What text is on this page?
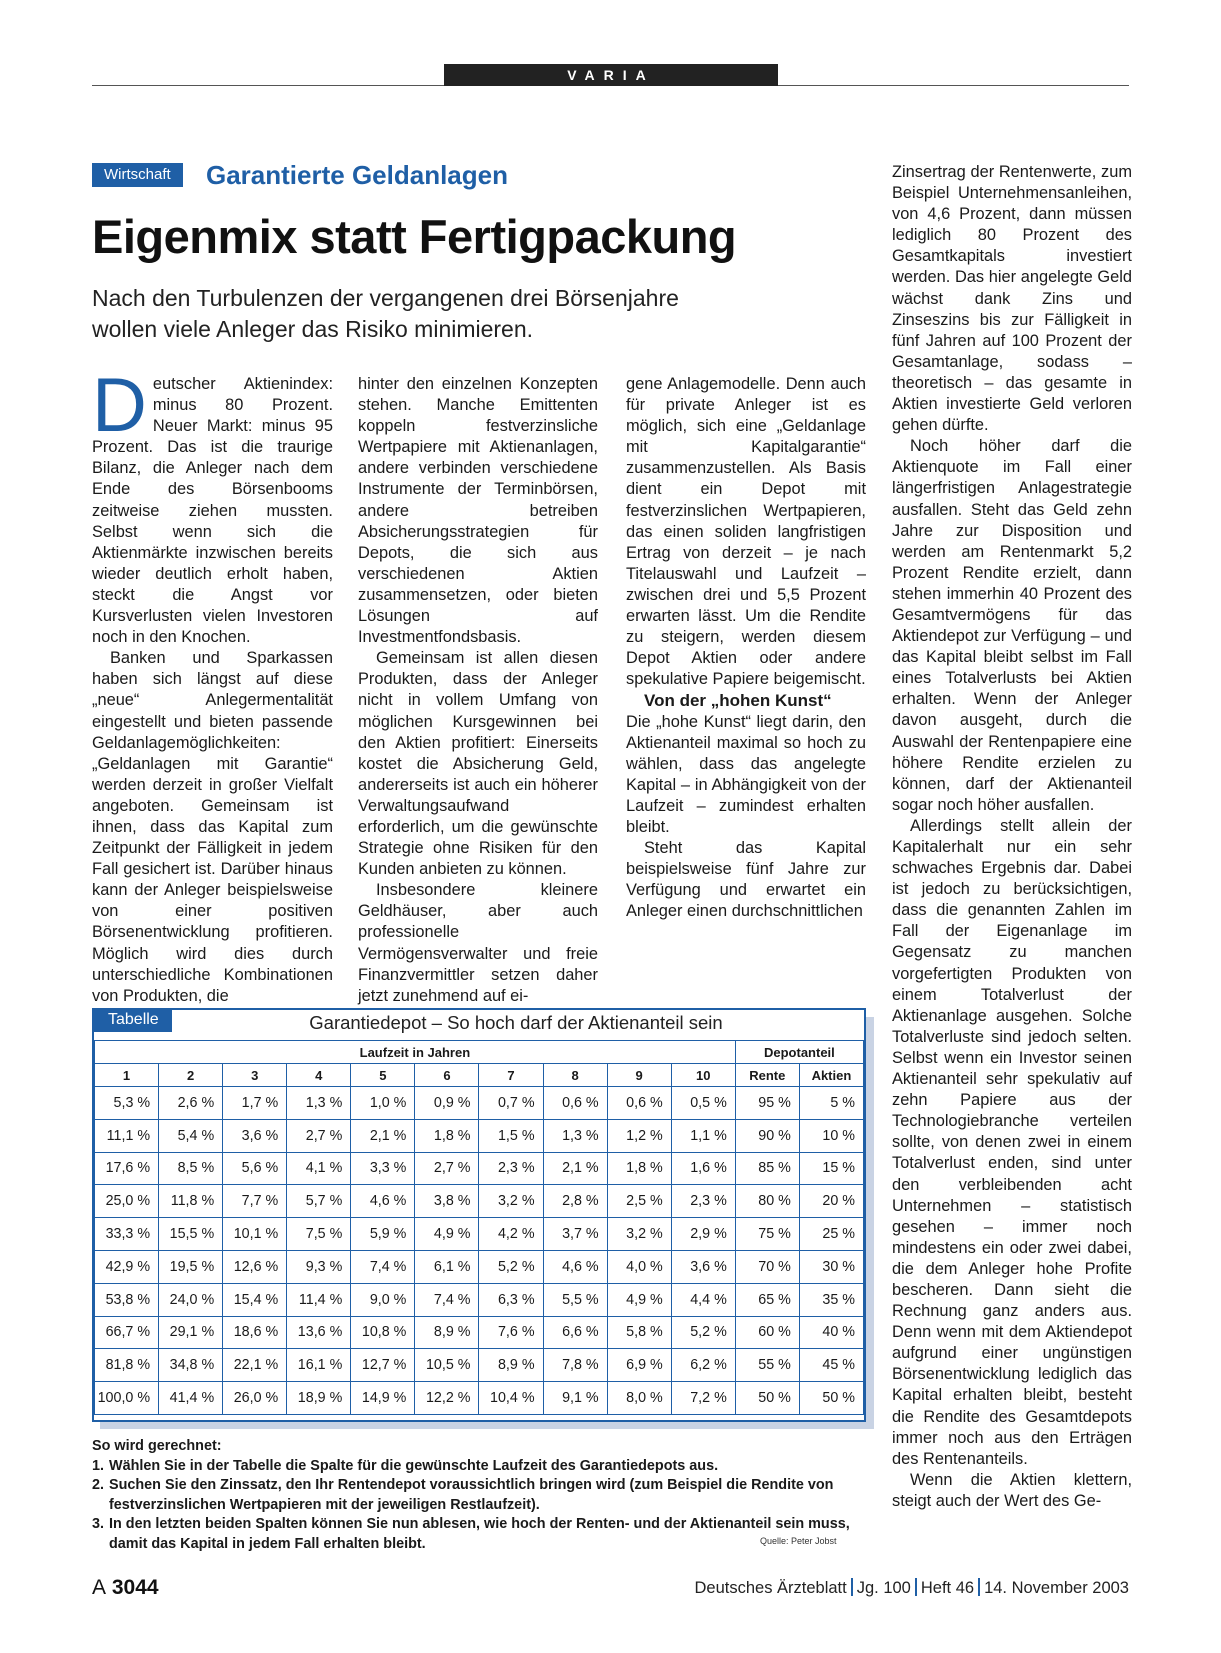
VARIA
Wirtschaft	Garantierte Geldanlagen
Eigenmix statt Fertigpackung
Nach den Turbulenzen der vergangenen drei Börsenjahre wollen viele Anleger das Risiko minimieren.

Deutscher Aktienindex: minus 80 Prozent. Neuer Markt: minus 95 Prozent. Das ist die traurige Bilanz, die Anleger nach dem Ende des Börsenbooms zeitweise ziehen mussten. Selbst wenn sich die Aktienmärkte inzwischen bereits wieder deutlich erholt haben, steckt die Angst vor Kursverlusten vielen Investoren noch in den Knochen.

Banken und Sparkassen haben sich längst auf diese „neue“ Anlegermentalität eingestellt und bieten passende Geldanlagemöglichkeiten: „Geldanlagen mit Garantie“ werden derzeit in großer Vielfalt angeboten. Gemeinsam ist ihnen, dass das Kapital zum Zeitpunkt der Fälligkeit in jedem Fall gesichert ist. Darüber hinaus kann der Anleger beispielsweise von einer positiven Börsenentwicklung profitieren. Möglich wird dies durch unterschiedliche Kombinationen von Produkten, die

hinter den einzelnen Konzepten stehen. Manche Emittenten koppeln festverzinsliche Wertpapiere mit Aktienanlagen, andere verbinden verschiedene Instrumente der Terminbörsen, andere betreiben Absicherungsstrategien für Depots, die sich aus verschiedenen Aktien zusammensetzen, oder bieten Lösungen auf Investmentfondsbasis.

Gemeinsam ist allen diesen Produkten, dass der Anleger nicht in vollem Umfang von möglichen Kursgewinnen bei den Aktien profitiert: Einerseits kostet die Absicherung Geld, andererseits ist auch ein höherer Verwaltungsaufwand erforderlich, um die gewünschte Strategie ohne Risiken für den Kunden anbieten zu können.

Insbesondere kleinere Geldhäuser, aber auch professionelle Vermögensverwalter und freie Finanzvermittler setzen daher jetzt zunehmend auf ei-

gene Anlagemodelle. Denn auch für private Anleger ist es möglich, sich eine „Geldanlage mit Kapitalgarantie“ zusammenzustellen. Als Basis dient ein Depot mit festverzinslichen Wertpapieren, das einen soliden langfristigen Ertrag von derzeit – je nach Titelauswahl und Laufzeit – zwischen drei und 5,5 Prozent erwarten lässt. Um die Rendite zu steigern, werden diesem Depot Aktien oder andere spekulative Papiere beigemischt.

Von der „hohen Kunst“

Die „hohe Kunst“ liegt darin, den Aktienanteil maximal so hoch zu wählen, dass das angelegte Kapital – in Abhängigkeit von der Laufzeit – zumindest erhalten bleibt.

Steht das Kapital beispielsweise fünf Jahre zur Verfügung und erwartet ein Anleger einen durchschnittlichen

Zinsertrag der Rentenwerte, zum Beispiel Unternehmensanleihen, von 4,6 Prozent, dann müssen lediglich 80 Prozent des Gesamtkapitals investiert werden. Das hier angelegte Geld wächst dank Zins und Zinseszins bis zur Fälligkeit in fünf Jahren auf 100 Prozent der Gesamtanlage, sodass – theoretisch – das gesamte in Aktien investierte Geld verloren gehen dürfte.

Noch höher darf die Aktienquote im Fall einer längerfristigen Anlagestrategie ausfallen. Steht das Geld zehn Jahre zur Disposition und werden am Rentenmarkt 5,2 Prozent Rendite erzielt, dann stehen immerhin 40 Prozent des Gesamtvermögens für das Aktiendepot zur Verfügung – und das Kapital bleibt selbst im Fall eines Totalverlusts bei Aktien erhalten. Wenn der Anleger davon ausgeht, durch die Auswahl der Rentenpapiere eine höhere Rendite erzielen zu können, darf der Aktienanteil sogar noch höher ausfallen.

Allerdings stellt allein der Kapitalerhalt nur ein sehr schwaches Ergebnis dar. Dabei ist jedoch zu berücksichtigen, dass die genannten Zahlen im Fall der Eigenanlage im Gegensatz zu manchen vorgefertigten Produkten von einem Totalverlust der Aktienanlage ausgehen. Solche Totalverluste sind jedoch selten. Selbst wenn ein Investor seinen Aktienanteil sehr spekulativ auf zehn Papiere aus der Technologiebranche verteilen sollte, von denen zwei in einem Totalverlust enden, sind unter den verbleibenden acht Unternehmen – statistisch gesehen – immer noch mindestens ein oder zwei dabei, die dem Anleger hohe Profite bescheren. Dann sieht die Rechnung ganz anders aus. Denn wenn mit dem Aktiendepot aufgrund einer ungünstigen Börsenentwicklung lediglich das Kapital erhalten bleibt, besteht die Rendite des Gesamtdepots immer noch aus den Erträgen des Rentenanteils.

Wenn die Aktien klettern, steigt auch der Wert des Ge-

Tabelle	Garantiedepot – So hoch darf der Aktienanteil sein
Laufzeit in Jahren										Depotanteil	
1	2	3	4	5	6	7	8	9	10	Rente	Aktien
5,3 %	2,6 %	1,7 %	1,3 %	1,0 %	0,9 %	0,7 %	0,6 %	0,6 %	0,5 %	95 %	5 %
11,1 %	5,4 %	3,6 %	2,7 %	2,1 %	1,8 %	1,5 %	1,3 %	1,2 %	1,1 %	90 %	10 %
17,6 %	8,5 %	5,6 %	4,1 %	3,3 %	2,7 %	2,3 %	2,1 %	1,8 %	1,6 %	85 %	15 %
25,0 %	11,8 %	7,7 %	5,7 %	4,6 %	3,8 %	3,2 %	2,8 %	2,5 %	2,3 %	80 %	20 %
33,3 %	15,5 %	10,1 %	7,5 %	5,9 %	4,9 %	4,2 %	3,7 %	3,2 %	2,9 %	75 %	25 %
42,9 %	19,5 %	12,6 %	9,3 %	7,4 %	6,1 %	5,2 %	4,6 %	4,0 %	3,6 %	70 %	30 %
53,8 %	24,0 %	15,4 %	11,4 %	9,0 %	7,4 %	6,3 %	5,5 %	4,9 %	4,4 %	65 %	35 %
66,7 %	29,1 %	18,6 %	13,6 %	10,8 %	8,9 %	7,6 %	6,6 %	5,8 %	5,2 %	60 %	40 %
81,8 %	34,8 %	22,1 %	16,1 %	12,7 %	10,5 %	8,9 %	7,8 %	6,9 %	6,2 %	55 %	45 %
100,0 %	41,4 %	26,0 %	18,9 %	14,9 %	12,2 %	10,4 %	9,1 %	8,0 %	7,2 %	50 %	50 %
So wird gerechnet:
1. Wählen Sie in der Tabelle die Spalte für die gewünschte Laufzeit des Garantiedepots aus.
2. Suchen Sie den Zinssatz, den Ihr Rentendepot voraussichtlich bringen wird (zum Beispiel die Rendite von festverzinslichen Wertpapieren mit der jeweiligen Restlaufzeit).
3. In den letzten beiden Spalten können Sie nun ablesen, wie hoch der Renten- und der Aktienanteil sein muss, damit das Kapital in jedem Fall erhalten bleibt.	Quelle: Peter Jobst
A 3044	Deutsches Ärzteblatt Jg. 100 Heft 46 14. November 2003
